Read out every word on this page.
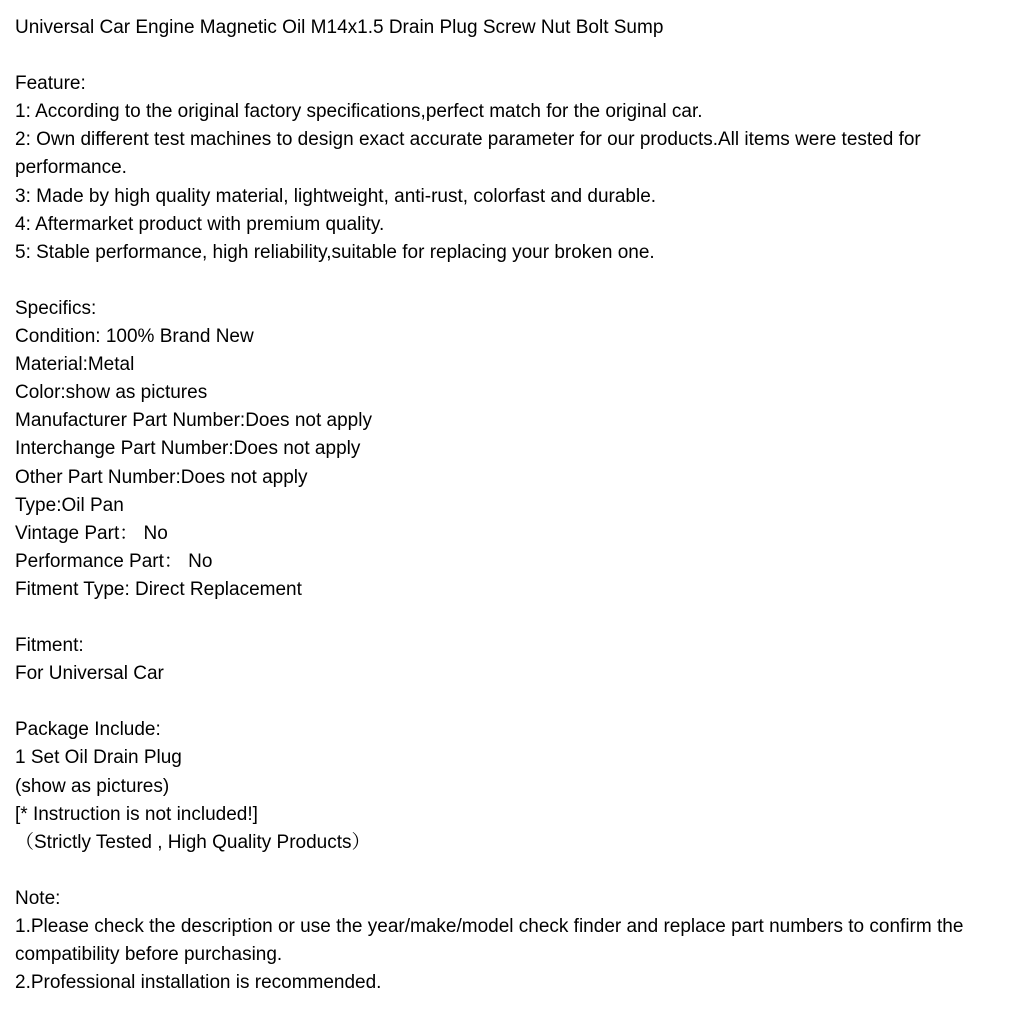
Universal Car Engine Magnetic Oil M14x1.5 Drain Plug Screw Nut Bolt Sump
Feature:
1: According to the original factory specifications,perfect match for the original car.
2: Own different test machines to design exact accurate parameter for our products.All items were tested for performance.
3: Made by high quality material, lightweight, anti-rust, colorfast and durable.
4: Aftermarket product with premium quality.
5: Stable performance, high reliability,suitable for replacing your broken one.
Specifics:
Condition: 100% Brand New
Material:Metal
Color:show as pictures
Manufacturer Part Number:Does not apply
Interchange Part Number:Does not apply
Other Part Number:Does not apply
Type:Oil Pan
Vintage Part： No
Performance Part： No
Fitment Type: Direct Replacement
Fitment:
For Universal Car
Package Include:
1 Set Oil Drain Plug
(show as pictures)
[* Instruction is not included!]
（Strictly Tested , High Quality Products）
Note:
1.Please check the description or use the year/make/model check finder and replace part numbers to confirm the compatibility before purchasing.
2.Professional installation is recommended.
